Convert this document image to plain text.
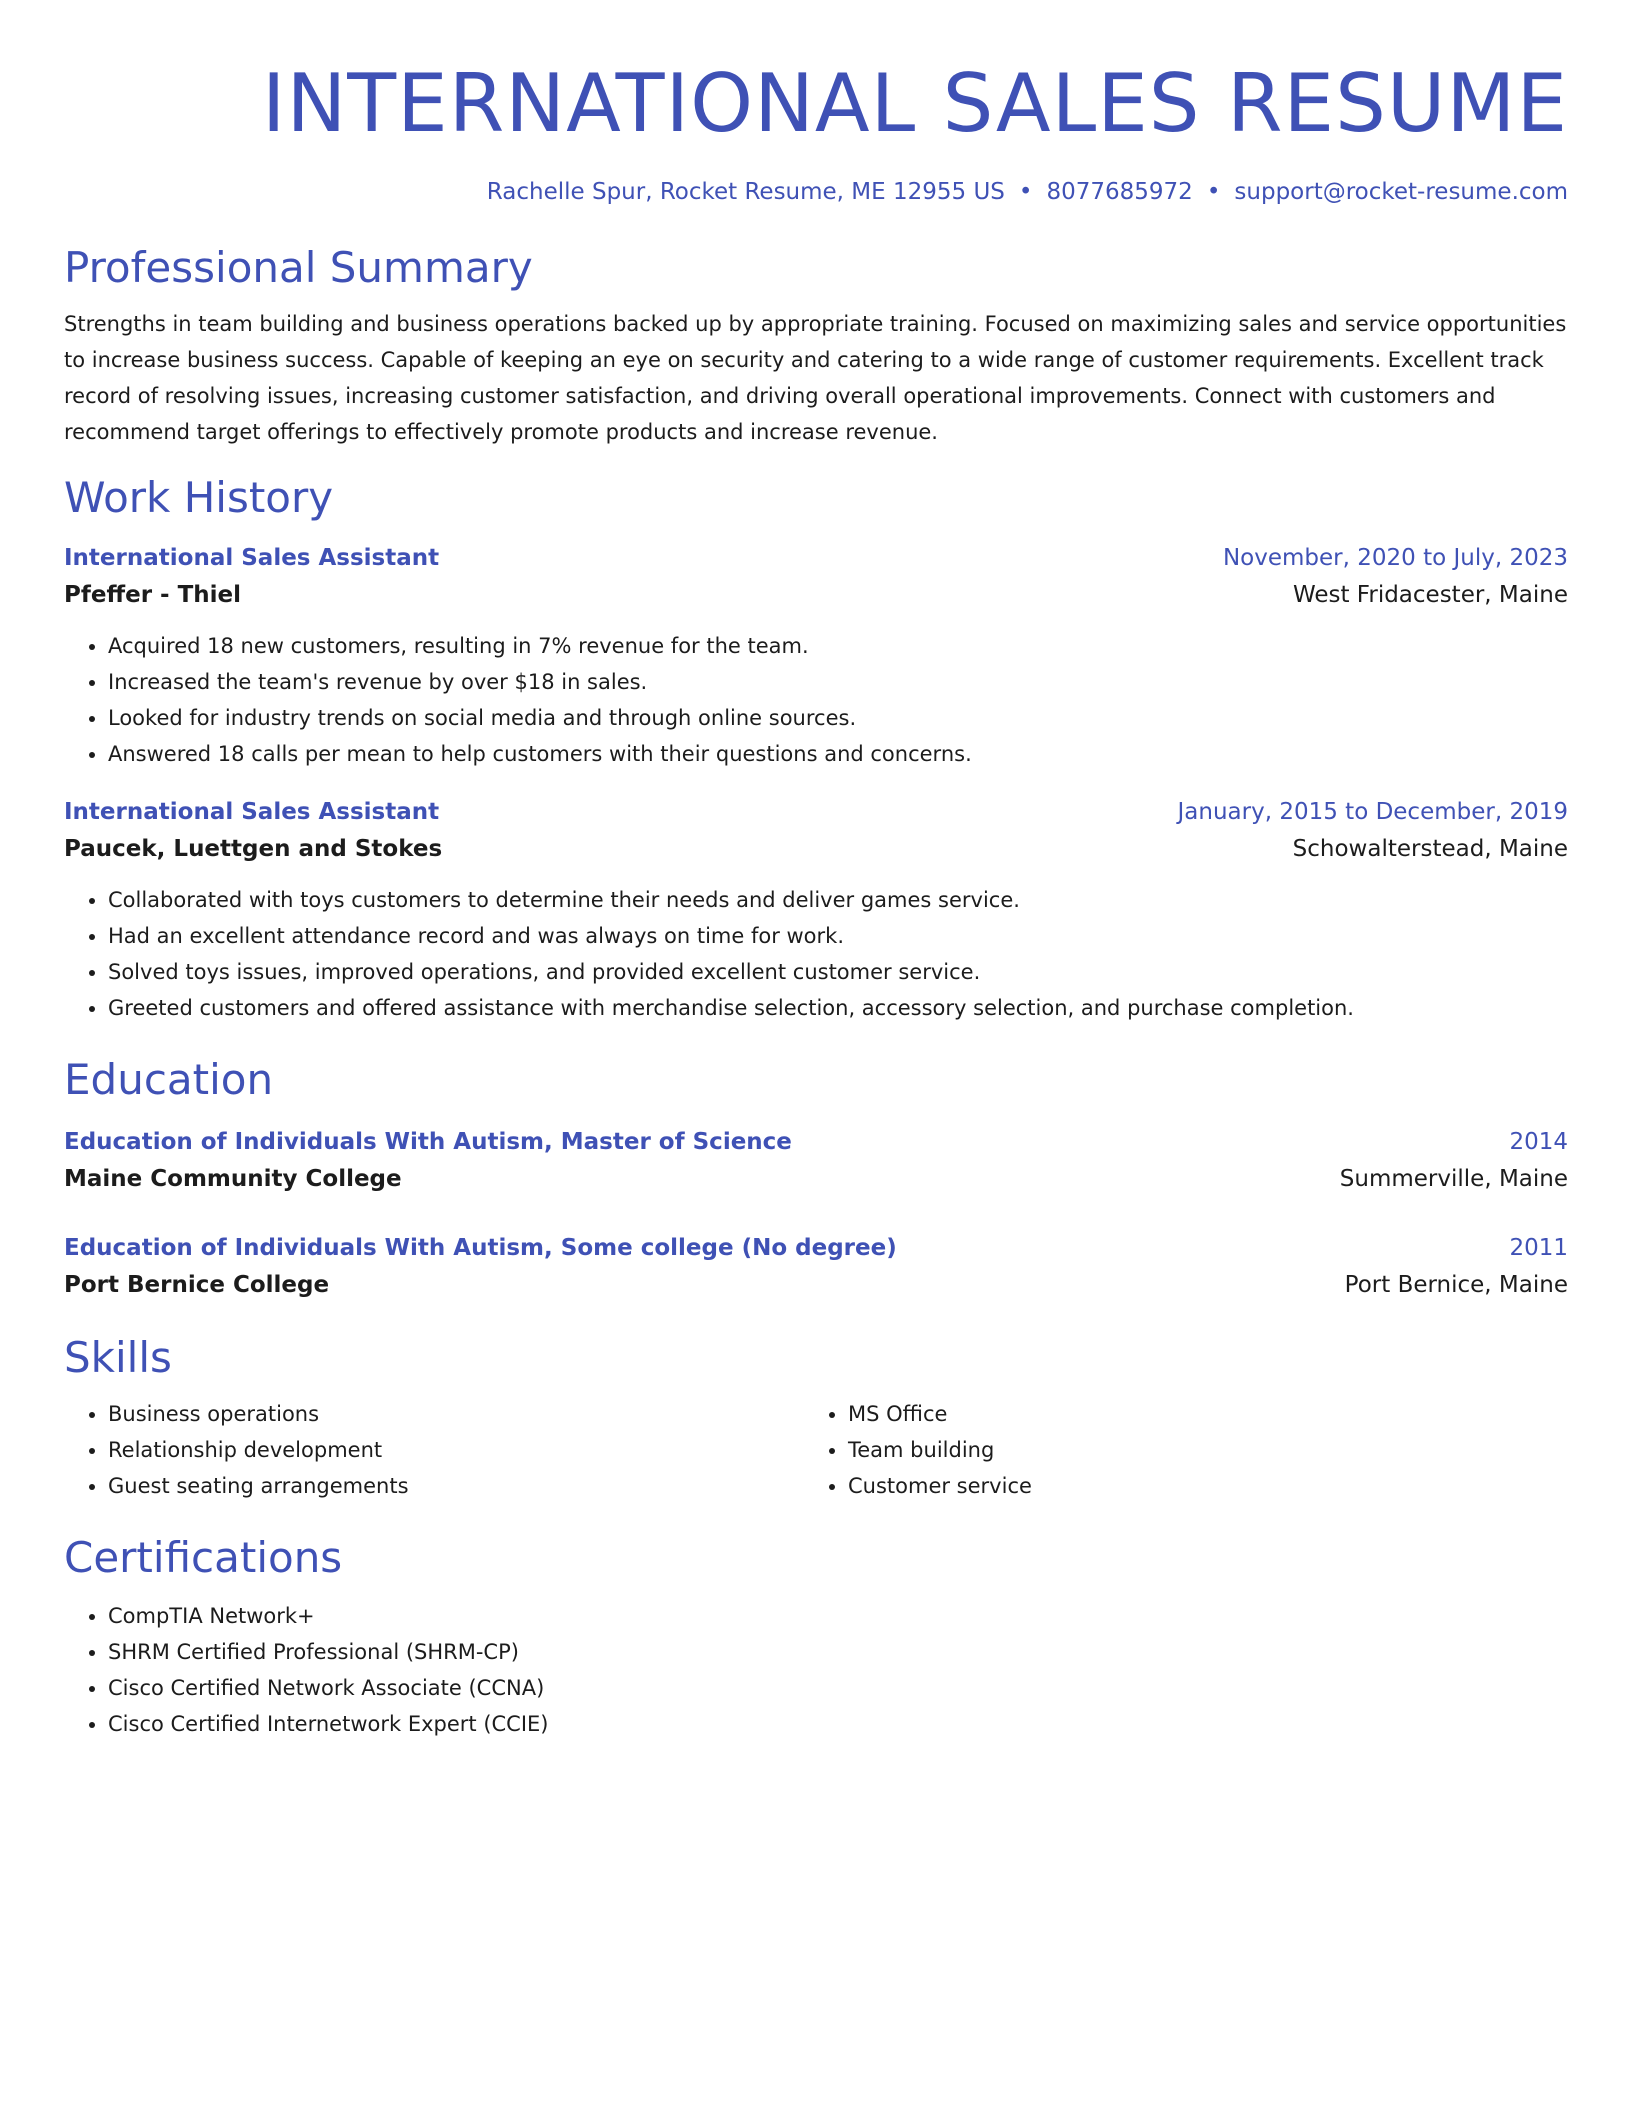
INTERNATIONAL SALES RESUME
Rachelle Spur, Rocket Resume, ME 12955 US • 8077685972 • support@rocket-resume.com
Professional Summary
Strengths in team building and business operations backed up by appropriate training. Focused on maximizing sales and service opportunities to increase business success. Capable of keeping an eye on security and catering to a wide range of customer requirements. Excellent track record of resolving issues, increasing customer satisfaction, and driving overall operational improvements. Connect with customers and recommend target offerings to effectively promote products and increase revenue.
Work History
International Sales Assistant	November, 2020 to July, 2023
Pfeffer - Thiel	West Fridacester, Maine
• Acquired 18 new customers, resulting in 7% revenue for the team.
• Increased the team's revenue by over $18 in sales.
• Looked for industry trends on social media and through online sources.
• Answered 18 calls per mean to help customers with their questions and concerns.
International Sales Assistant	January, 2015 to December, 2019
Paucek, Luettgen and Stokes	Schowalterstead, Maine
• Collaborated with toys customers to determine their needs and deliver games service.
• Had an excellent attendance record and was always on time for work.
• Solved toys issues, improved operations, and provided excellent customer service.
• Greeted customers and offered assistance with merchandise selection, accessory selection, and purchase completion.
Education
Education of Individuals With Autism, Master of Science	2014
Maine Community College	Summerville, Maine
Education of Individuals With Autism, Some college (No degree)	2011
Port Bernice College	Port Bernice, Maine
Skills
• Business operations
• Relationship development
• Guest seating arrangements
• MS Office
• Team building
• Customer service
Certifications
• CompTIA Network+
• SHRM Certified Professional (SHRM-CP)
• Cisco Certified Network Associate (CCNA)
• Cisco Certified Internetwork Expert (CCIE)
